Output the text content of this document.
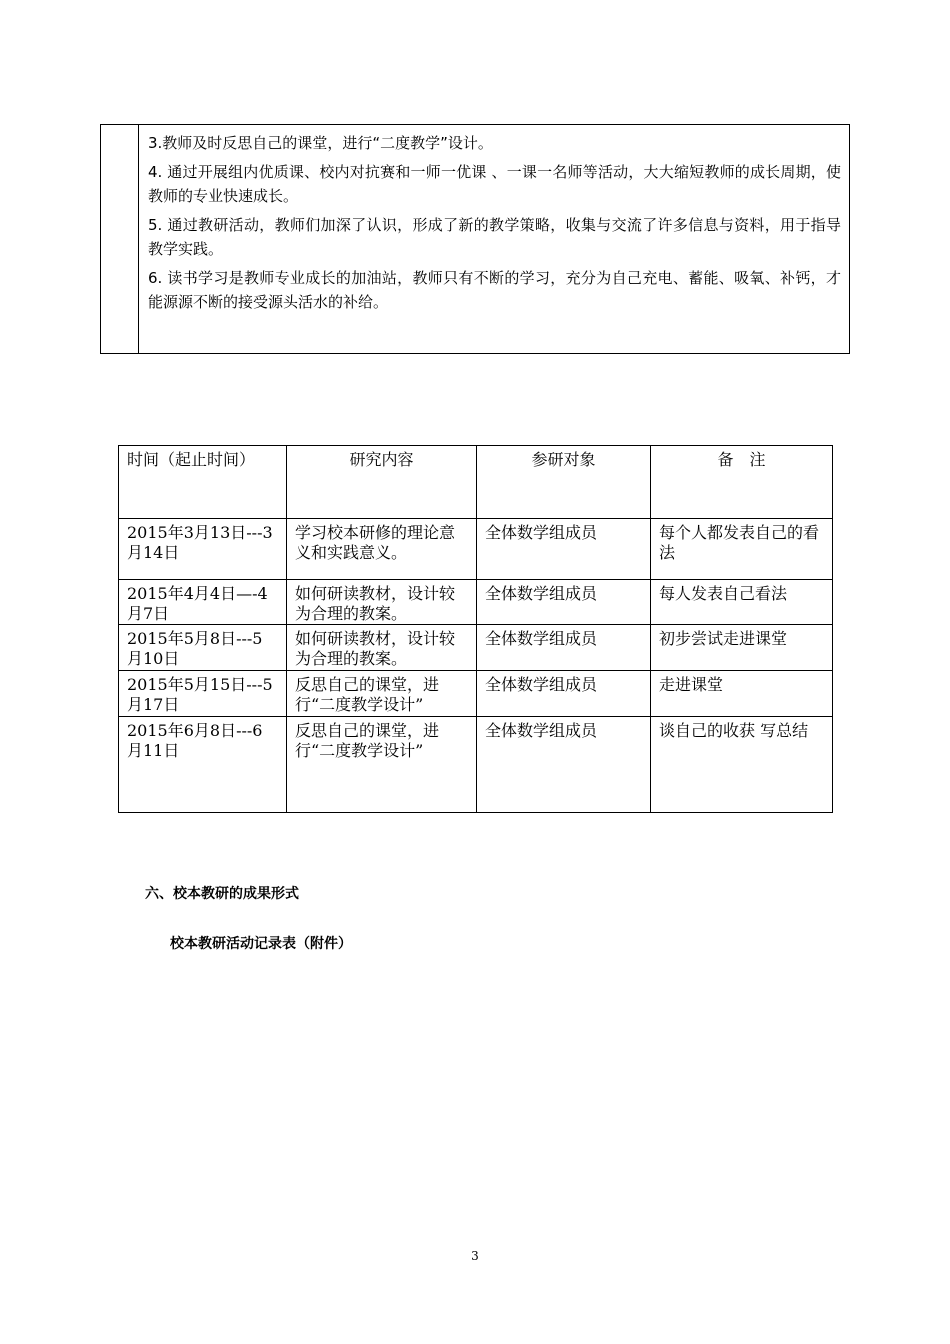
3.教师及时反思自己的课堂，进行“二度教学”设计。

4. 通过开展组内优质课、校内对抗赛和一师一优课 、一课一名师等活动，大大缩短教师的成长周期，使教师的专业快速成长。

5. 通过教研活动，教师们加深了认识，形成了新的教学策略，收集与交流了许多信息与资料，用于指导教学实践。

6. 读书学习是教师专业成长的加油站，教师只有不断的学习，充分为自己充电、蓄能、吸氧、补钙，才能源源不断的接受源头活水的补给。

时间（起止时间）	研究内容	参研对象	备　注
2015年3月13日---3月14日	学习校本研修的理论意义和实践意义。	全体数学组成员	每个人都发表自己的看法
2015年4月4日—-4月7日	如何研读教材，设计较为合理的教案。	全体数学组成员	每人发表自己看法
2015年5月8日---5月10日	如何研读教材，设计较为合理的教案。	全体数学组成员	初步尝试走进课堂
2015年5月15日---5月17日	反思自己的课堂，进行“二度教学设计”	全体数学组成员	走进课堂
2015年6月8日---6月11日	反思自己的课堂，进行“二度教学设计”	全体数学组成员	谈自己的收获 写总结
六、校本教研的成果形式
校本教研活动记录表（附件）
3
